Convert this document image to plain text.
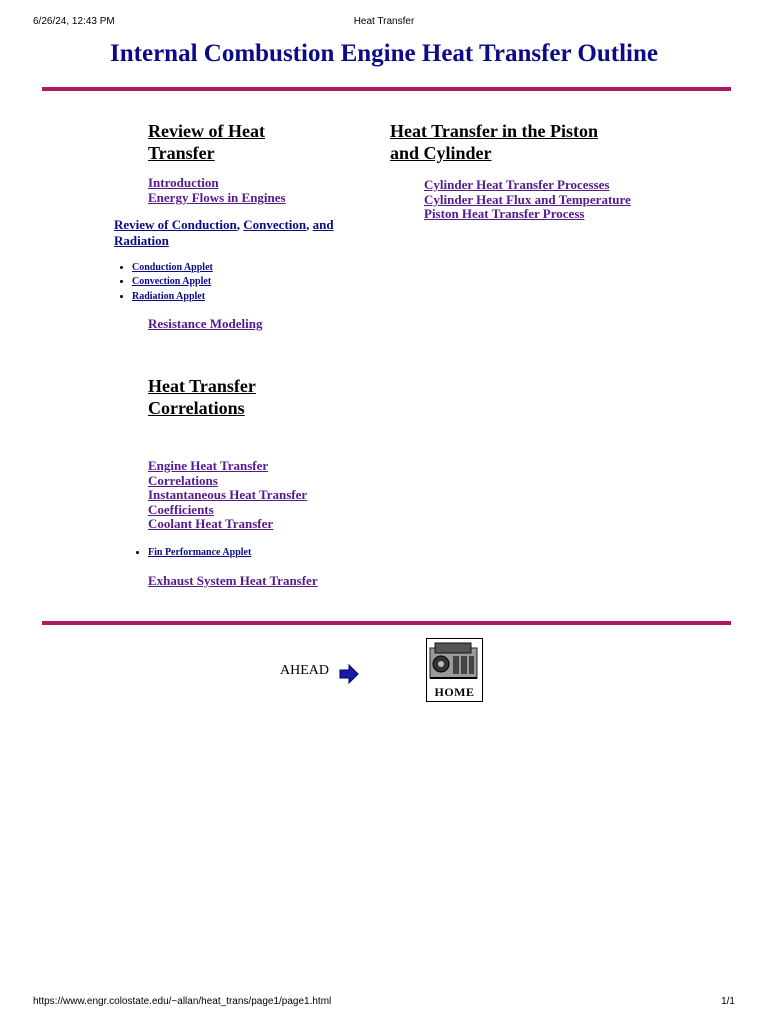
6/26/24, 12:43 PM	Heat Transfer
Internal Combustion Engine Heat Transfer Outline
Review of Heat
Transfer
Introduction
Energy Flows in Engines
Review of Conduction, Convection, and
Radiation
• Conduction Applet
• Convection Applet
• Radiation Applet
Resistance Modeling
Heat Transfer
Correlations
Engine Heat Transfer
Correlations
Instantaneous Heat Transfer
Coefficients
Coolant Heat Transfer
• Fin Performance Applet
Exhaust System Heat Transfer
Heat Transfer in the Piston
and Cylinder
Cylinder Heat Transfer Processes
Cylinder Heat Flux and Temperature
Piston Heat Transfer Process
AHEAD
HOME
https://www.engr.colostate.edu/~allan/heat_trans/page1/page1.html	1/1
